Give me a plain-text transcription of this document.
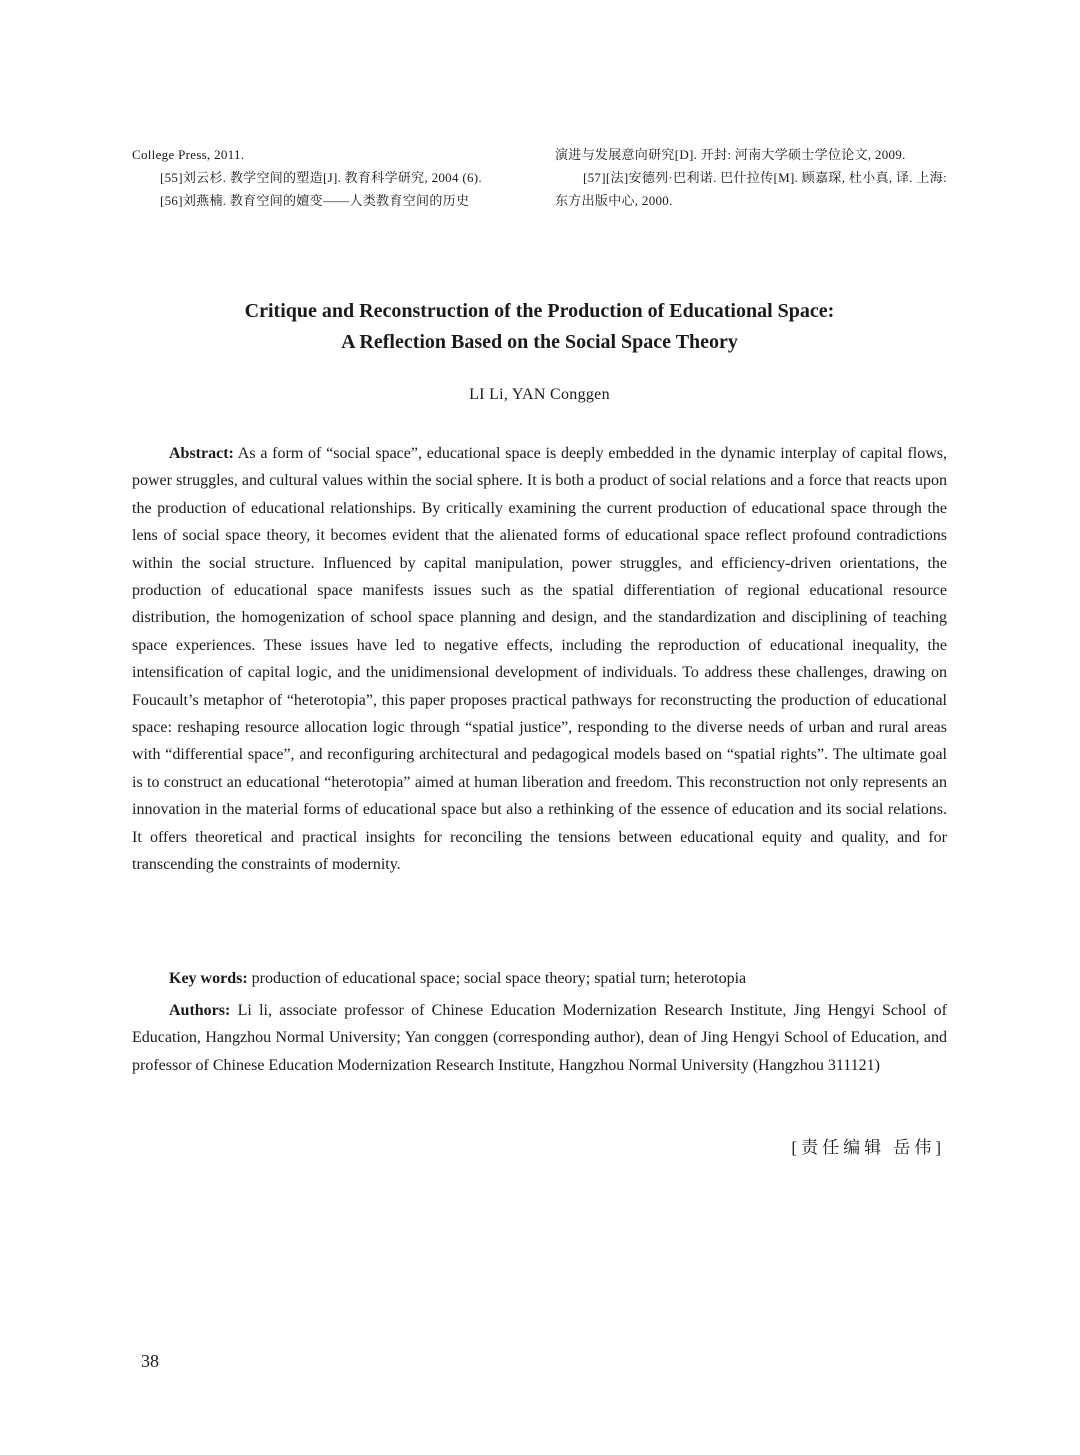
College Press, 2011.

[55]刘云杉. 教学空间的塑造[J]. 教育科学研究, 2004 (6).

[56]刘燕楠. 教育空间的嬗变——人类教育空间的历史

演进与发展意向研究[D]. 开封: 河南大学硕士学位论文, 2009.

[57][法]安德列·巴利诺. 巴什拉传[M]. 顾嘉琛, 杜小真, 译. 上海: 东方出版中心, 2000.

Critique and Reconstruction of the Production of Educational Space:
A Reflection Based on the Social Space Theory
LI Li, YAN Conggen

Abstract: As a form of “social space”, educational space is deeply embedded in the dynamic interplay of capital flows, power struggles, and cultural values within the social sphere. It is both a product of social relations and a force that reacts upon the production of educational relationships. By critically examining the current production of educational space through the lens of social space theory, it becomes evident that the alienated forms of educational space reflect profound contradictions within the social structure. Influenced by capital manipulation, power struggles, and efficiency-driven orientations, the production of educational space manifests issues such as the spatial differentiation of regional educational resource distribution, the homogenization of school space planning and design, and the standardization and disciplining of teaching space experiences. These issues have led to negative effects, including the reproduction of educational inequality, the intensification of capital logic, and the unidimensional development of individuals. To address these challenges, drawing on Foucault’s metaphor of “heterotopia”, this paper proposes practical pathways for reconstructing the production of educational space: reshaping resource allocation logic through “spatial justice”, responding to the diverse needs of urban and rural areas with “differential space”, and reconfiguring architectural and pedagogical models based on “spatial rights”. The ultimate goal is to construct an educational “heterotopia” aimed at human liberation and freedom. This reconstruction not only represents an innovation in the material forms of educational space but also a rethinking of the essence of education and its social relations. It offers theoretical and practical insights for reconciling the tensions between educational equity and quality, and for transcending the constraints of modernity.

Key words: production of educational space; social space theory; spatial turn; heterotopia

Authors: Li li, associate professor of Chinese Education Modernization Research Institute, Jing Hengyi School of Education, Hangzhou Normal University; Yan conggen (corresponding author), dean of Jing Hengyi School of Education, and professor of Chinese Education Modernization Research Institute, Hangzhou Normal University (Hangzhou 311121)

[责任编辑 岳伟]
38
